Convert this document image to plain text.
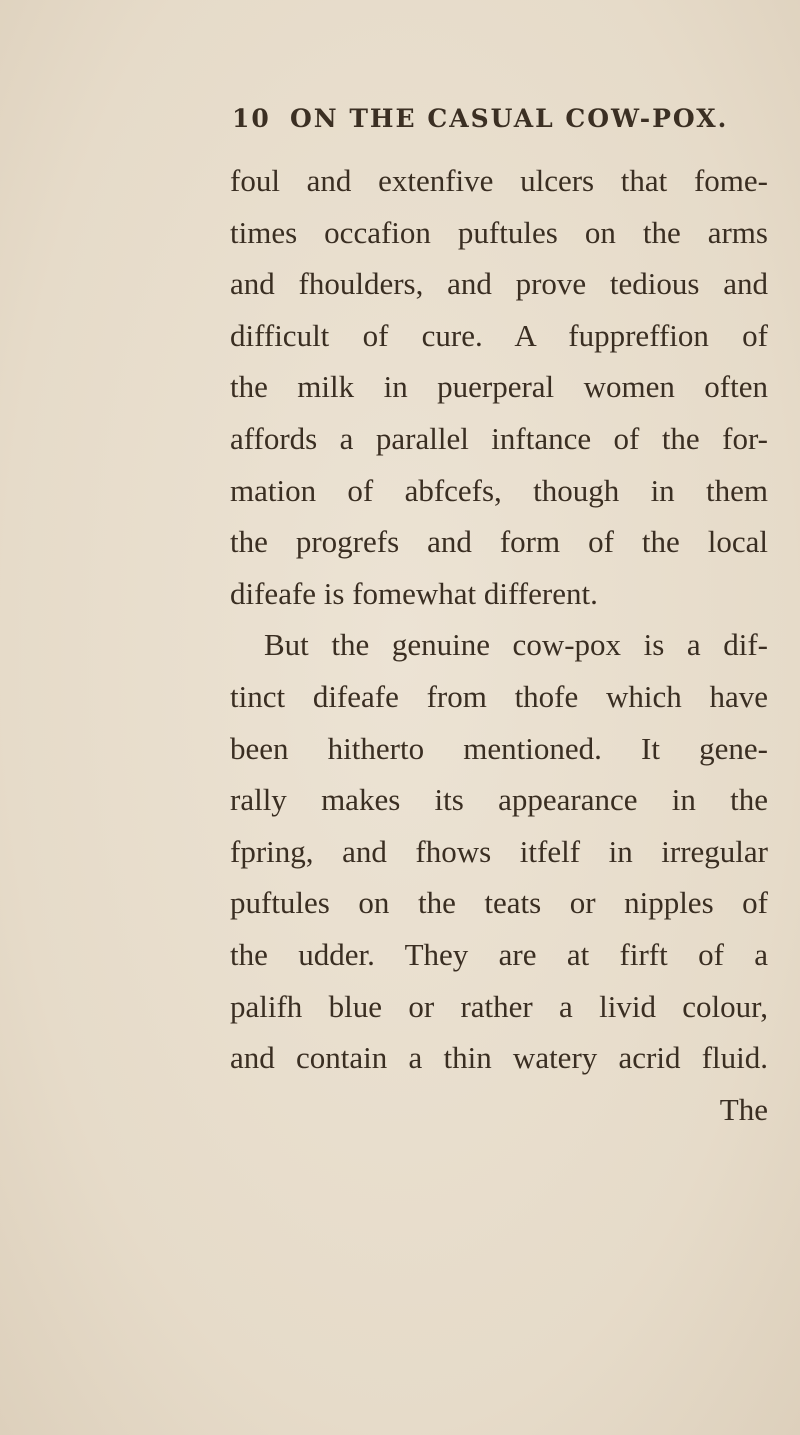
10 ON THE CASUAL COW-POX.
foul and extenfive ulcers that fome-
times occafion puftules on the arms
and fhoulders, and prove tedious and
difficult of cure. A fuppreffion of
the milk in puerperal women often
affords a parallel inftance of the for-
mation of abfcefs, though in them
the progrefs and form of the local
difeafe is fomewhat different.
But the genuine cow-pox is a dif-
tinct difeafe from thofe which have
been hitherto mentioned. It gene-
rally makes its appearance in the
fpring, and fhows itfelf in irregular
puftules on the teats or nipples of
the udder. They are at firft of a
palifh blue or rather a livid colour,
and contain a thin watery acrid fluid.
The
